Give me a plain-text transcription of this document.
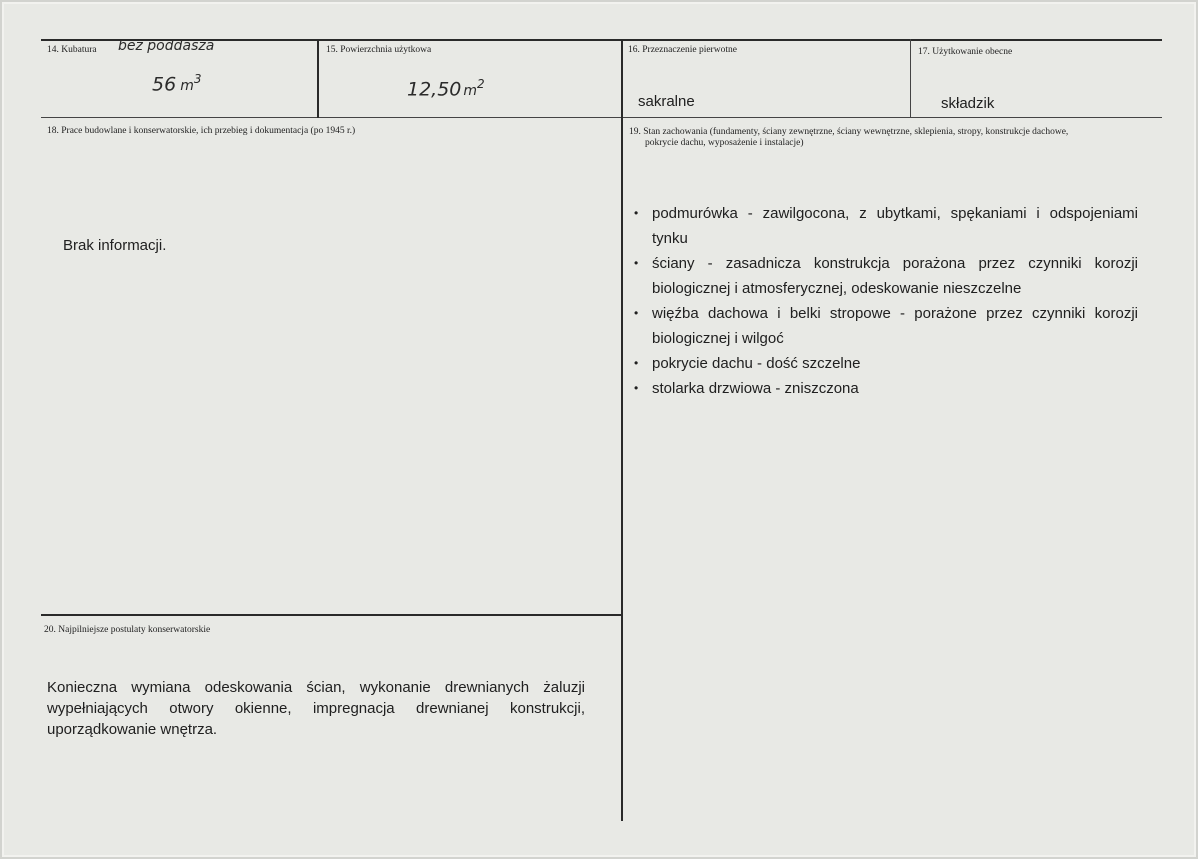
14. Kubatura bez poddasza
56 $m^3$
15. Powierzchnia użytkowa
12,50 $m^2$
16. Przeznaczenie pierwotne
sakralne
17. Użytkowanie obecne
składzik
18. Prace budowlane i konserwatorskie, ich przebieg i dokumentacja (po 1945 r.)
Brak informacji.
19. Stan zachowania (fundamenty, ściany zewnętrzne, ściany wewnętrzne, sklepienia, stropy, konstrukcje dachowe,
pokrycie dachu, wyposażenie i instalacje)
• podmurówka - zawilgocona, z ubytkami, spękaniami i odspojeniami tynku
• ściany - zasadnicza konstrukcja porażona przez czynniki korozji biologicznej i atmosferycznej, odeskowanie nieszczelne
• więźba dachowa i belki stropowe - porażone przez czynniki korozji biologicznej i wilgoć
• pokrycie dachu - dość szczelne
• stolarka drzwiowa - zniszczona
20. Najpilniejsze postulaty konserwatorskie
Konieczna wymiana odeskowania ścian, wykonanie drewnianych żaluzji wypełniających otwory okienne, impregnacja drewnianej konstrukcji, uporządkowanie wnętrza.
